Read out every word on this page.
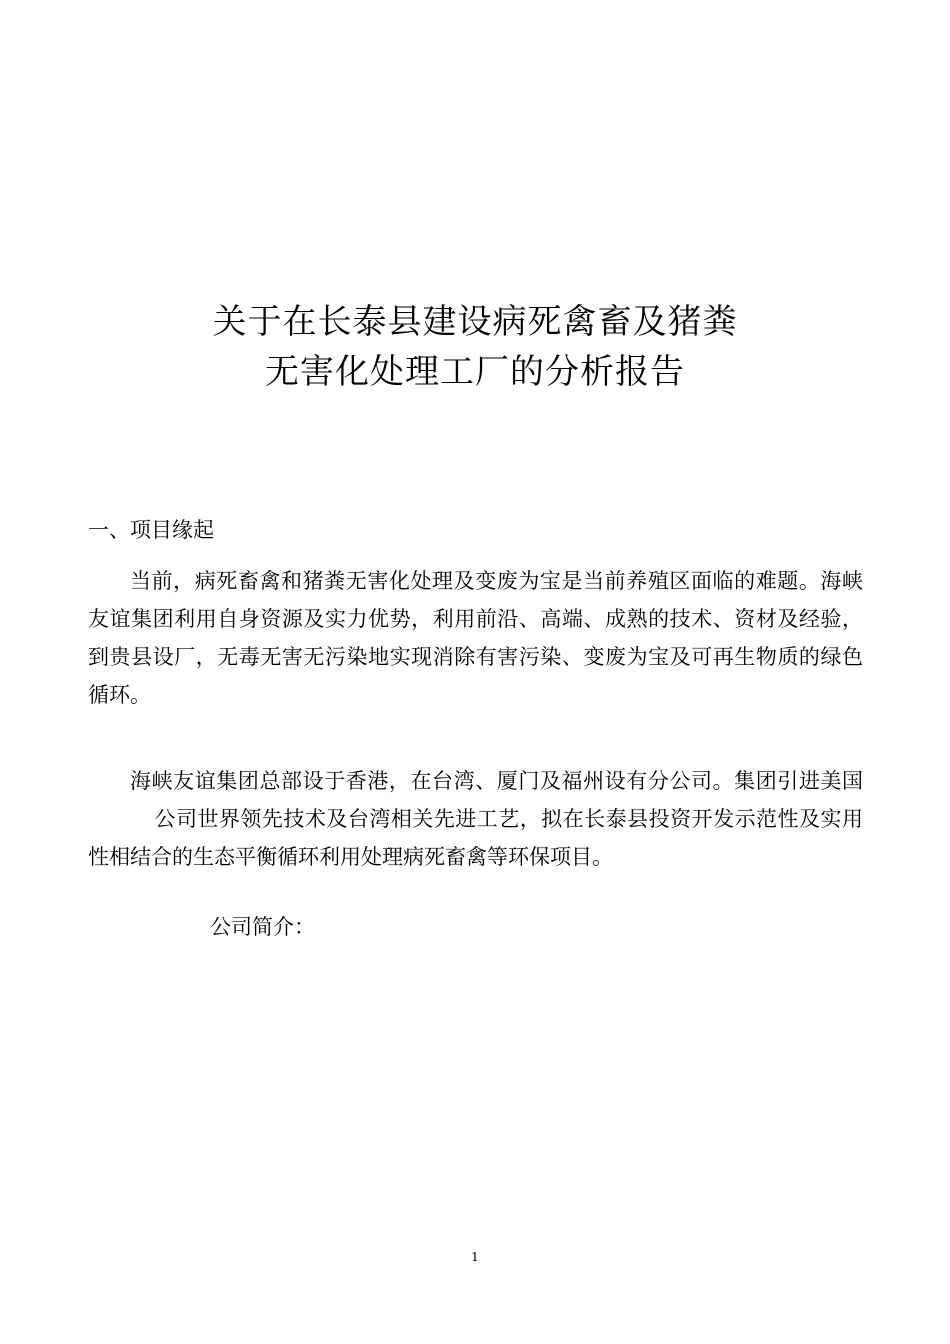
关于在长泰县建设病死禽畜及猪粪
无害化处理工厂的分析报告
一、项目缘起

当前，病死畜禽和猪粪无害化处理及变废为宝是当前养殖区面临的难题。海峡友谊集团利用自身资源及实力优势，利用前沿、高端、成熟的技术、资材及经验，到贵县设厂，无毒无害无污染地实现消除有害污染、变废为宝及可再生物质的绿色循环。

海峡友谊集团总部设于香港，在台湾、厦门及福州设有分公司。集团引进美国公司世界领先技术及台湾相关先进工艺，拟在长泰县投资开发示范性及实用性相结合的生态平衡循环利用处理病死畜禽等环保项目。

公司简介：
1
